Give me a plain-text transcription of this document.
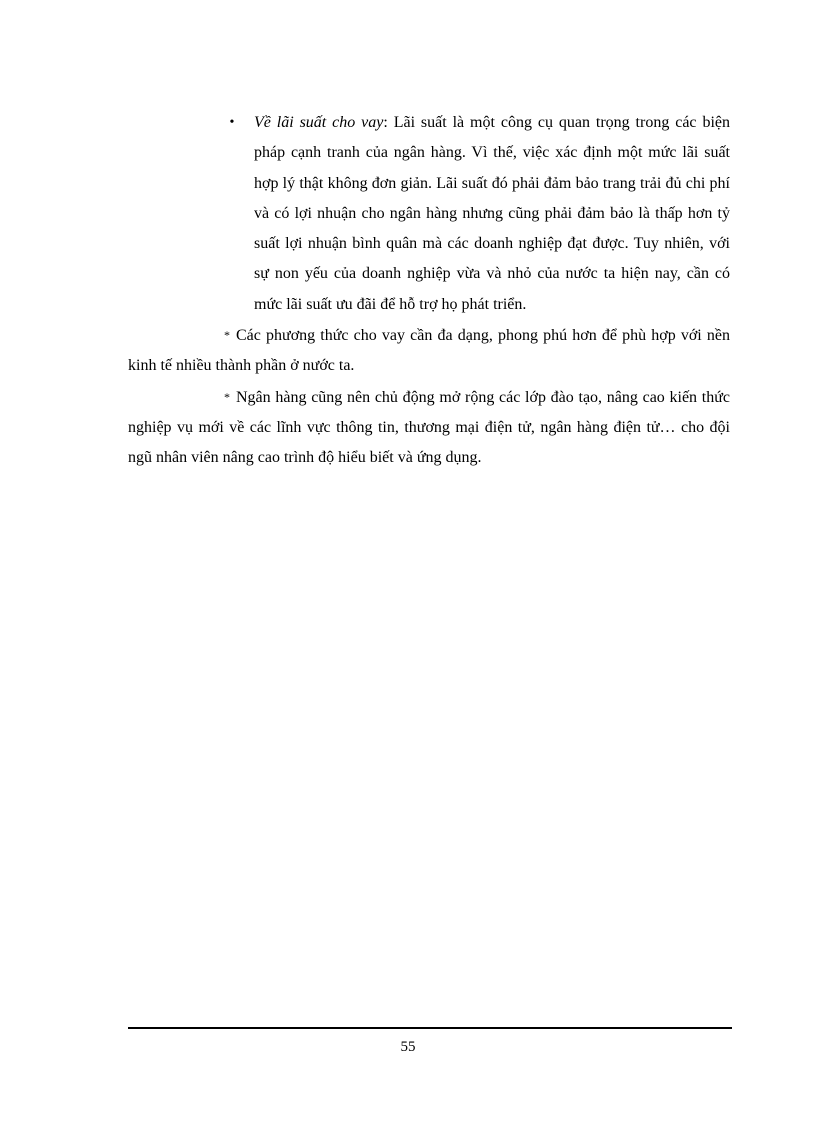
• Về lãi suất cho vay: Lãi suất là một công cụ quan trọng trong các biện pháp cạnh tranh của ngân hàng. Vì thế, việc xác định một mức lãi suất hợp lý thật không đơn giản. Lãi suất đó phải đảm bảo trang trải đủ chi phí và có lợi nhuận cho ngân hàng nhưng cũng phải đảm bảo là thấp hơn tỷ suất lợi nhuận bình quân mà các doanh nghiệp đạt được. Tuy nhiên, với sự non yếu của doanh nghiệp vừa và nhỏ của nước ta hiện nay, cần có mức lãi suất ưu đãi để hỗ trợ họ phát triển.

* Các phương thức cho vay cần đa dạng, phong phú hơn để phù hợp với nền kinh tế nhiều thành phần ở nước ta.

* Ngân hàng cũng nên chủ động mở rộng các lớp đào tạo, nâng cao kiến thức nghiệp vụ mới về các lĩnh vực thông tin, thương mại điện tử, ngân hàng điện tử… cho đội ngũ nhân viên nâng cao trình độ hiểu biết và ứng dụng.

55
